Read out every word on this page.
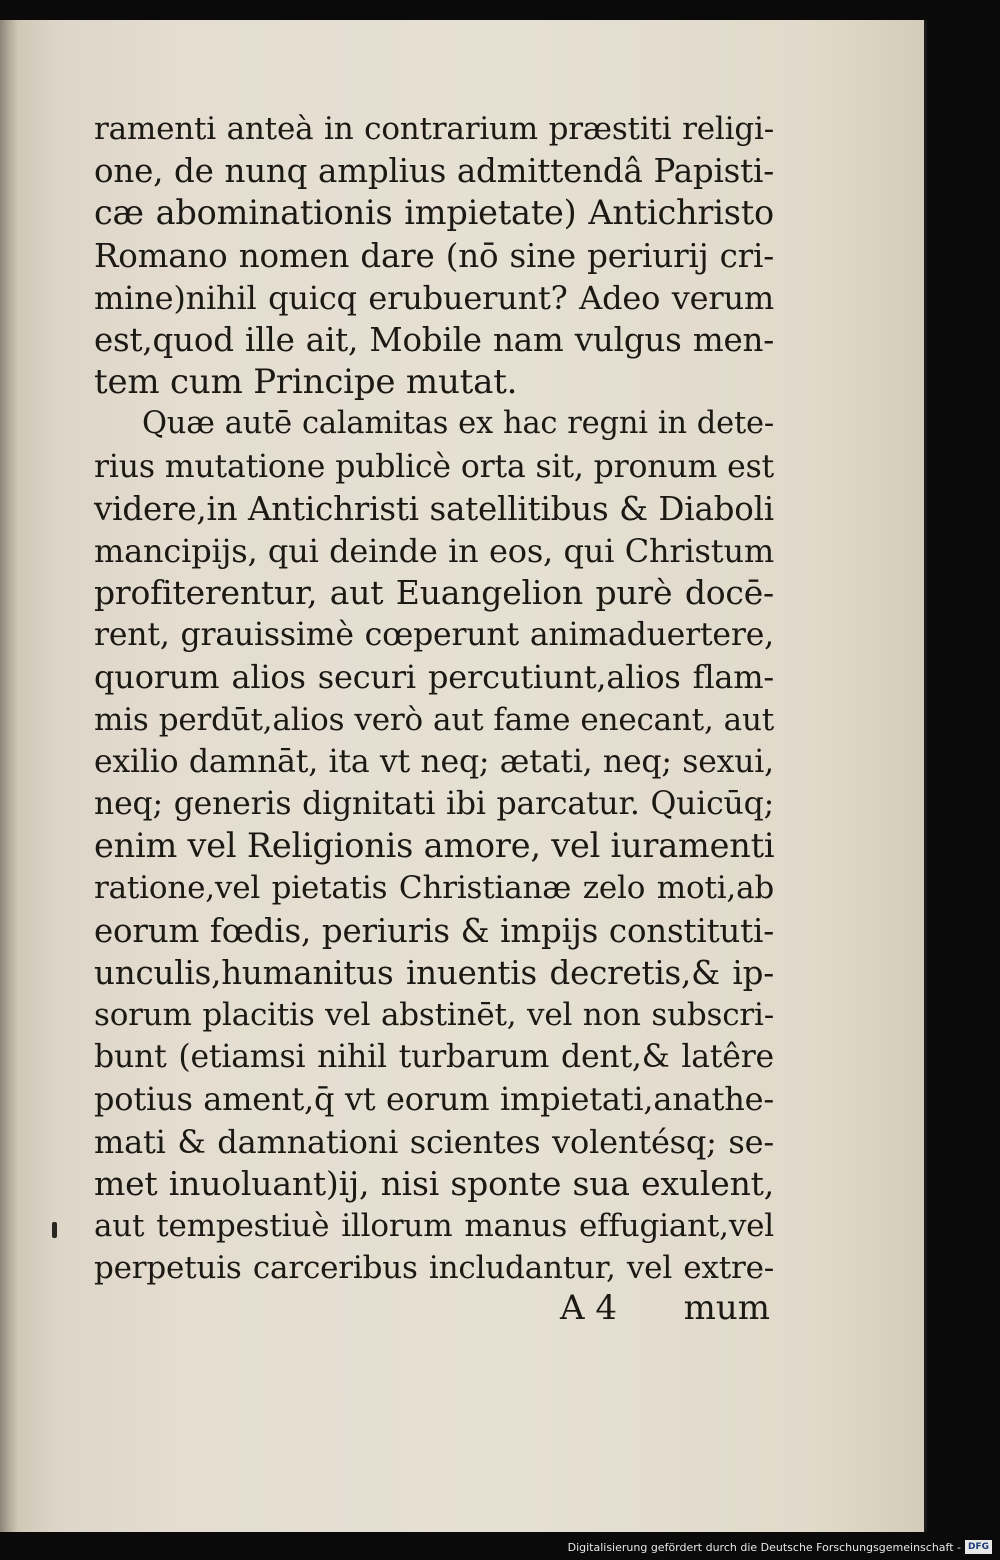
ramenti anteà in contrarium præstiti religi-
one, de nunq amplius admittendâ Papisti-
cæ abominationis impietate) Antichristo
Romano nomen dare (nō sine periurij cri-
mine)nihil quicq erubuerunt? Adeo verum
est,quod ille ait, Mobile nam vulgus men-
tem cum Principe mutat.
Quæ autē calamitas ex hac regni in dete-
rius mutatione publicè orta sit, pronum est
videre,in Antichristi satellitibus & Diaboli
mancipijs, qui deinde in eos, qui Christum
profiterentur, aut Euangelion purè docē-
rent, grauissimè cœperunt animaduertere,
quorum alios securi percutiunt,alios flam-
mis perdūt,alios verò aut fame enecant, aut
exilio damnāt, ita vt neq; ætati, neq; sexui,
neq; generis dignitati ibi parcatur. Quicūq;
enim vel Religionis amore, vel iuramenti
ratione,vel pietatis Christianæ zelo moti,ab
eorum fœdis, periuris & impijs constituti-
unculis,humanitus inuentis decretis,& ip-
sorum placitis vel abstinēt, vel non subscri-
bunt (etiamsi nihil turbarum dent,& latêre
potius ament,q̄ vt eorum impietati,anathe-
mati & damnationi scientes volentésq; se-
met inuoluant)ij, nisi sponte sua exulent,
aut tempestiuè illorum manus effugiant,vel
perpetuis carceribus includantur, vel extre-
A 4 mum
Digitalisierung gefördert durch die Deutsche Forschungsgemeinschaft - DFG
